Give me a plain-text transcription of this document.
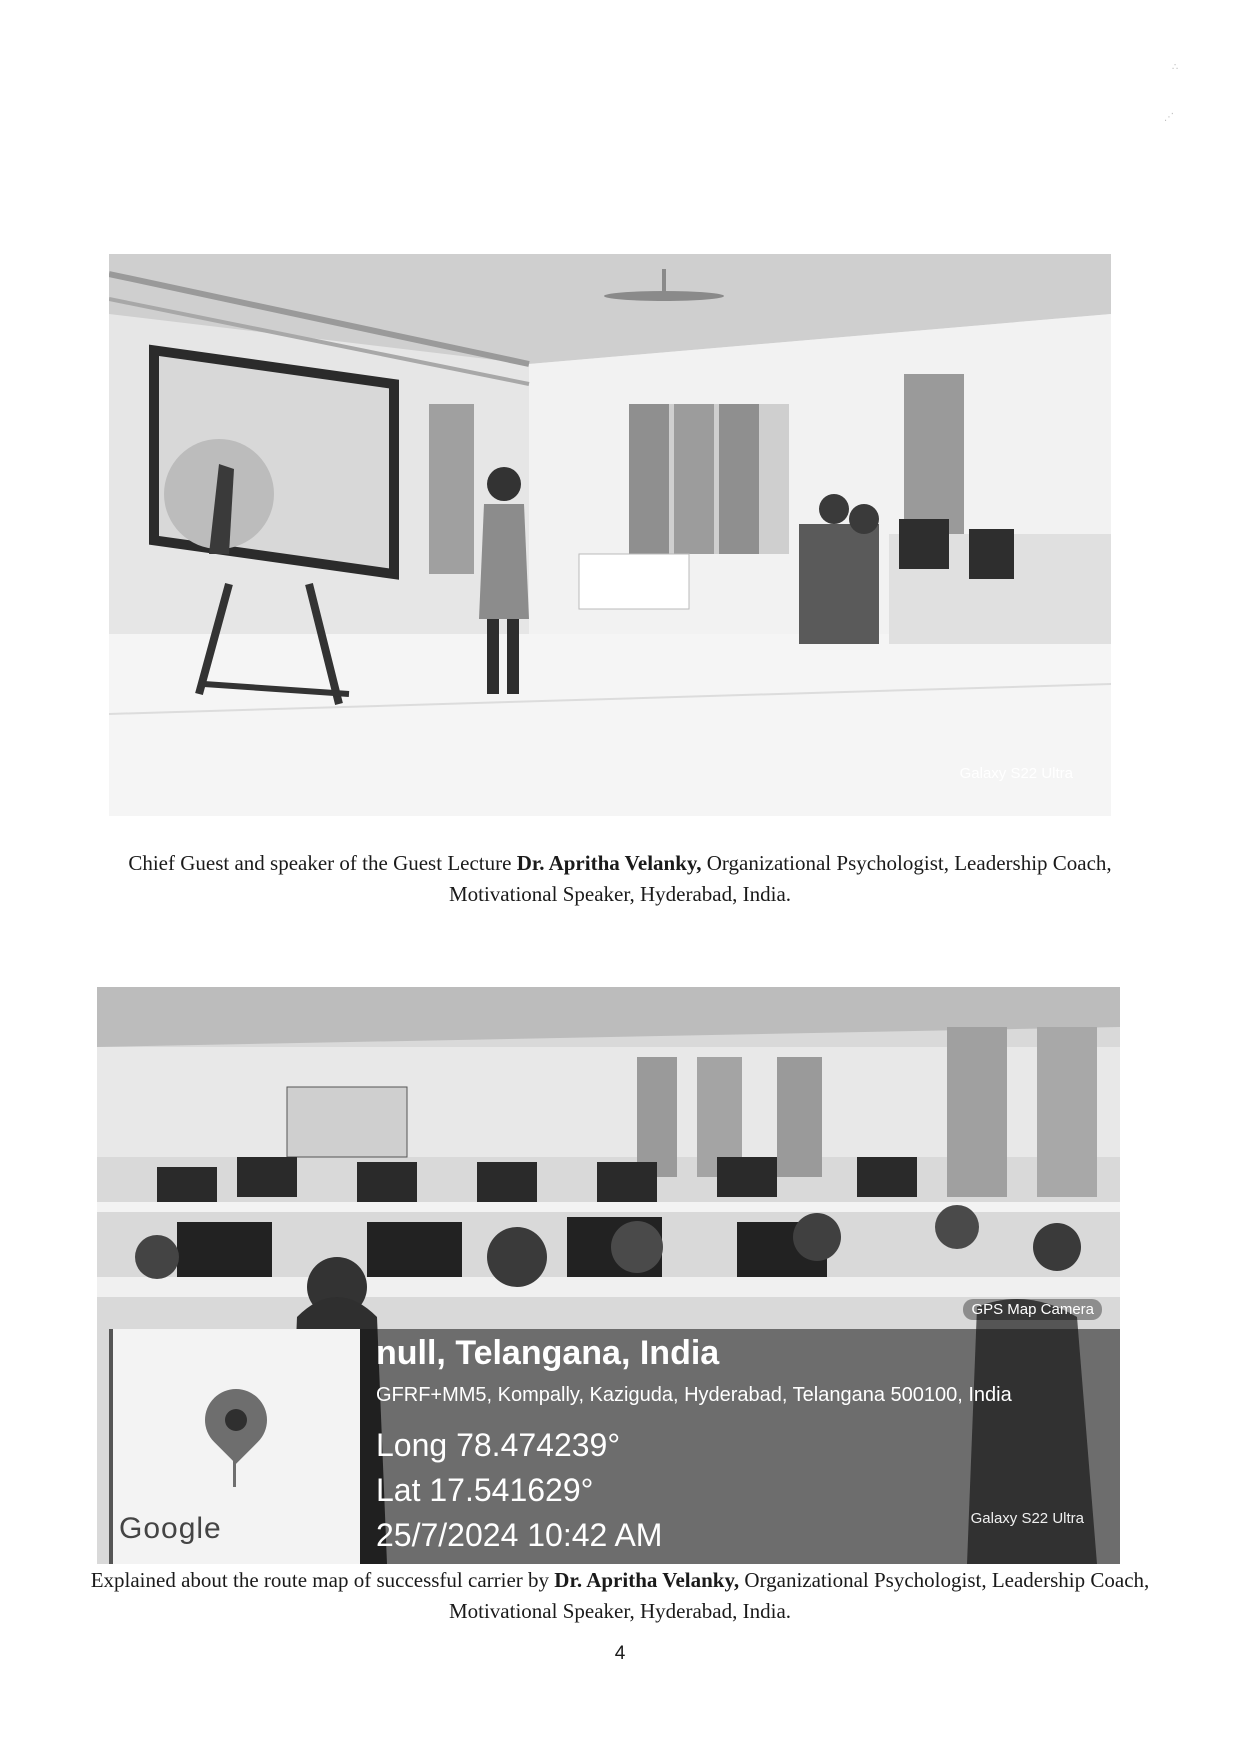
∴
⋰
Galaxy S22 Ultra
Chief Guest and speaker of the Guest Lecture Dr. Apritha Velanky, Organizational Psychologist, Leadership Coach, Motivational Speaker, Hyderabad, India.
GPS Map Camera
Google
null, Telangana, India
GFRF+MM5, Kompally, Kaziguda, Hyderabad, Telangana 500100, India
Long 78.474239°
Lat 17.541629°
25/7/2024 10:42 AM	Galaxy S22 Ultra
Explained about the route map of successful carrier by Dr. Apritha Velanky, Organizational Psychologist, Leadership Coach, Motivational Speaker, Hyderabad, India.
4
